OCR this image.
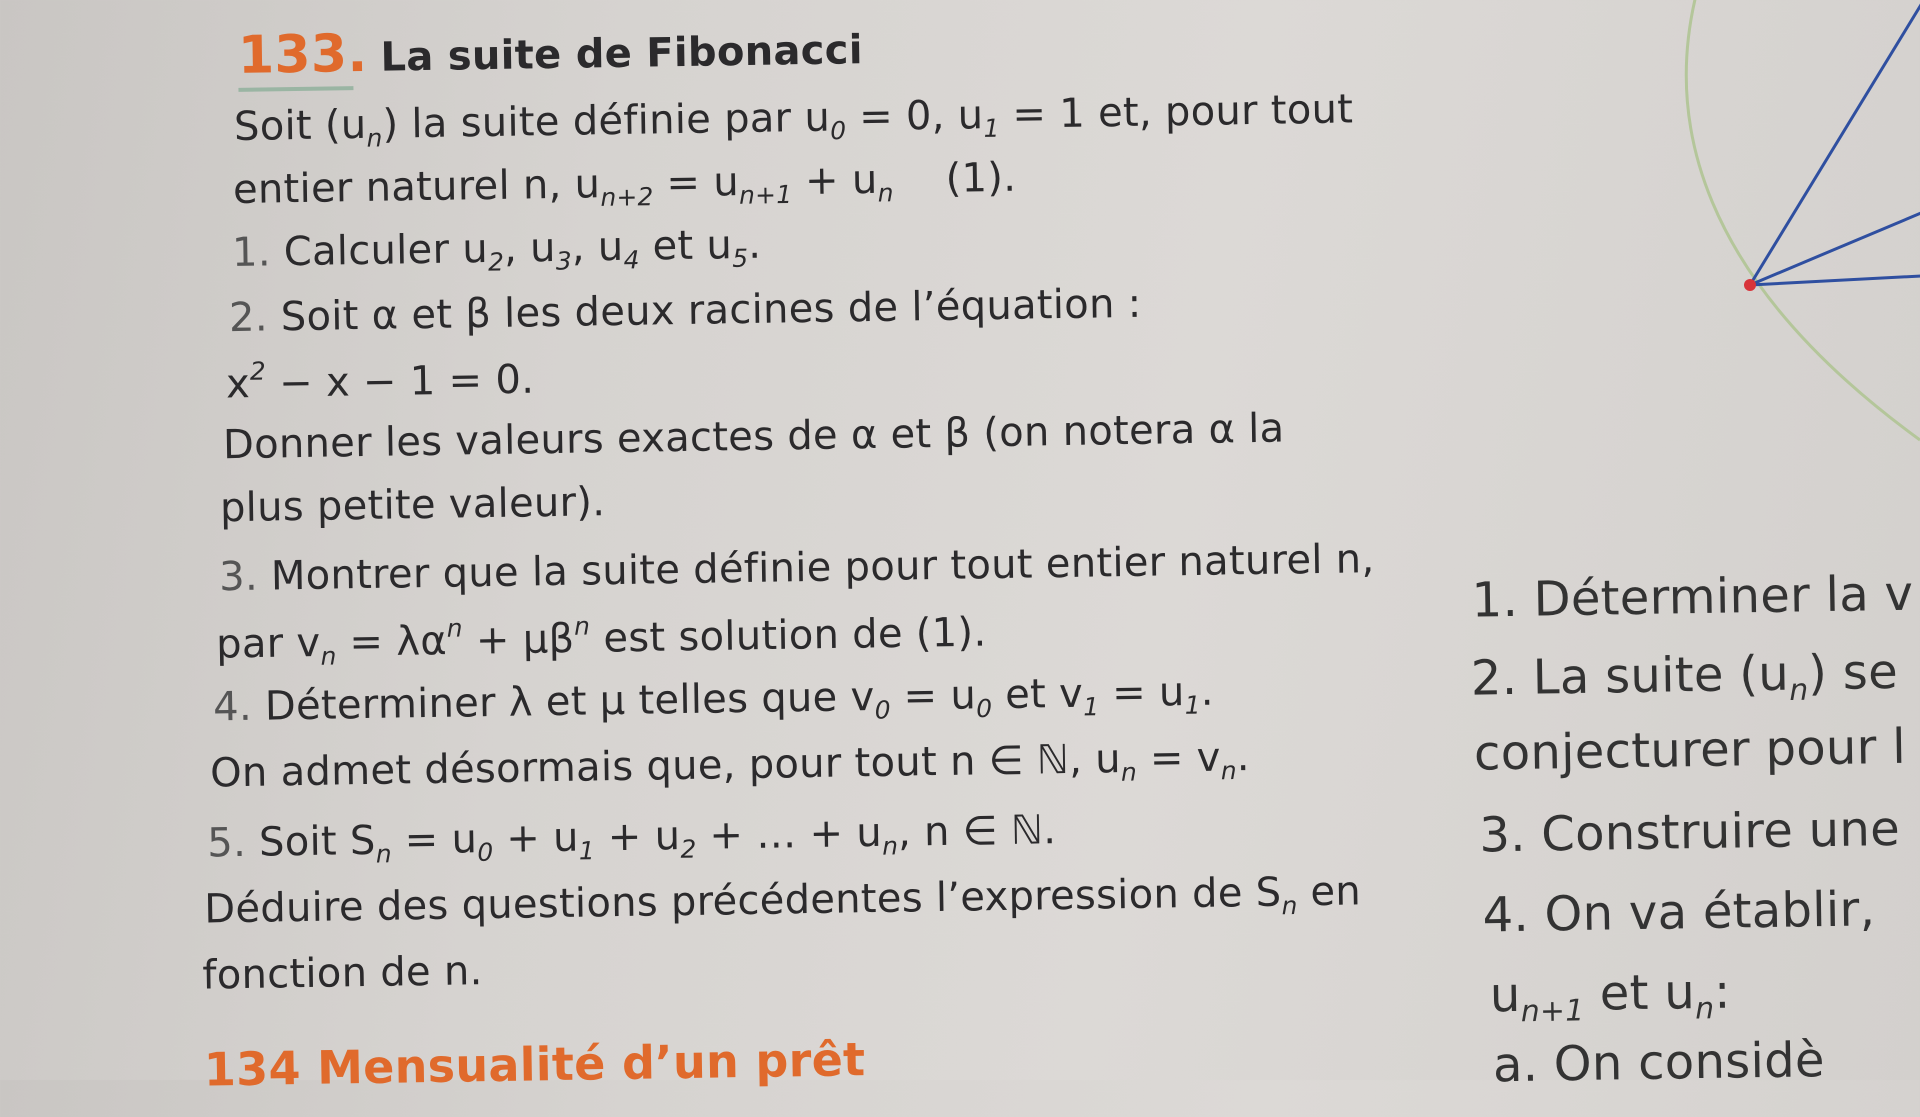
133. La suite de Fibonacci
Soit $(u_n)$ la suite définie par $u_0 = 0$, $u_1 = 1$ et, pour tout
entier naturel n, $u_{n+2} = u_{n+1} + u_n$ (1).
1. Calculer $u_2$, $u_3$, $u_4$ et $u_5$.
2. Soit α et β les deux racines de l’équation :
$x^2 - x - 1 = 0$.
Donner les valeurs exactes de α et β (on notera α la
plus petite valeur).
3. Montrer que la suite définie pour tout entier naturel n,
par $v_n = \lambda\alpha^n + \mu\beta^n$ est solution de (1).
4. Déterminer λ et μ telles que $v_0 = u_0$ et $v_1 = u_1$.
On admet désormais que, pour tout n ∈ ℕ, $u_n = v_n$.
5. Soit $S_n = u_0 + u_1 + u_2$ + … + $u_n$, n ∈ ℕ.
Déduire des questions précédentes l’expression de $S_n$ en
fonction de n.
134 Mensualité d’un prêt
1. Déterminer la v
2. La suite $(u_n)$ se
conjecturer pour l
3. Construire une
4. On va établir,
$u_{n+1}$ et $u_n$:
a. On considè
